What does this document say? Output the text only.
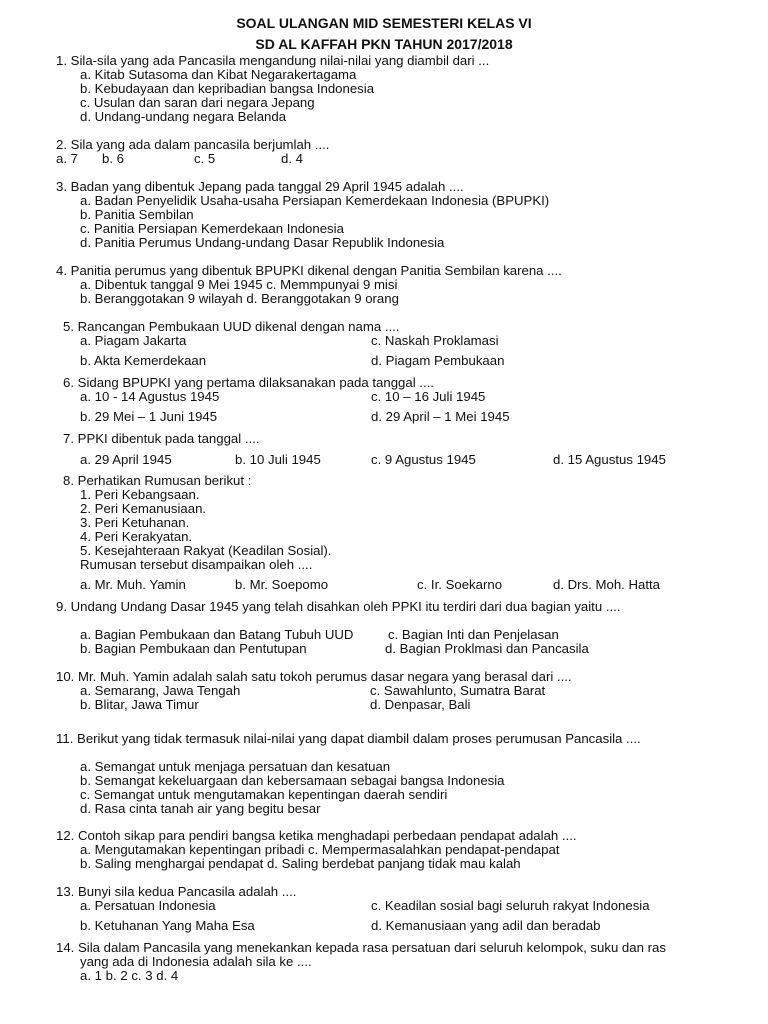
SOAL ULANGAN MID SEMESTERI KELAS VI
SD AL KAFFAH PKN TAHUN 2017/2018
1. Sila-sila yang ada Pancasila mengandung nilai-nilai yang diambil dari ...
a. Kitab Sutasoma dan Kibat Negarakertagama
b. Kebudayaan dan kepribadian bangsa Indonesia
c. Usulan dan saran dari negara Jepang
d. Undang-undang negara Belanda
2. Sila yang ada dalam pancasila berjumlah ....
a. 7 b. 6	c. 5	d. 4
3. Badan yang dibentuk Jepang pada tanggal 29 April 1945 adalah ....
a. Badan Penyelidik Usaha-usaha Persiapan Kemerdekaan Indonesia (BPUPKI)
b. Panitia Sembilan
c. Panitia Persiapan Kemerdekaan Indonesia
d. Panitia Perumus Undang-undang Dasar Republik Indonesia
4. Panitia perumus yang dibentuk BPUPKI dikenal dengan Panitia Sembilan karena ....
a. Dibentuk tanggal 9 Mei 1945 c. Memmpunyai 9 misi
b. Beranggotakan 9 wilayah d. Beranggotakan 9 orang
5. Rancangan Pembukaan UUD dikenal dengan nama ....
a. Piagam Jakarta	c. Naskah Proklamasi
b. Akta Kemerdekaan	d. Piagam Pembukaan
6. Sidang BPUPKI yang pertama dilaksanakan pada tanggal ....
a. 10 - 14 Agustus 1945	c. 10 – 16 Juli 1945
b. 29 Mei – 1 Juni 1945	d. 29 April – 1 Mei 1945
7. PPKI dibentuk pada tanggal ....
a. 29 April 1945	b. 10 Juli 1945	c. 9 Agustus 1945	d. 15 Agustus 1945
8. Perhatikan Rumusan berikut :
1. Peri Kebangsaan.
2. Peri Kemanusiaan.
3. Peri Ketuhanan.
4. Peri Kerakyatan.
5. Kesejahteraan Rakyat (Keadilan Sosial).
Rumusan tersebut disampaikan oleh ....
a. Mr. Muh. Yamin	b. Mr. Soepomo	c. Ir. Soekarno	d. Drs. Moh. Hatta
9. Undang Undang Dasar 1945 yang telah disahkan oleh PPKI itu terdiri dari dua bagian yaitu ....
a. Bagian Pembukaan dan Batang Tubuh UUD	c. Bagian Inti dan Penjelasan
b. Bagian Pembukaan dan Pentutupan	d. Bagian Proklmasi dan Pancasila
10. Mr. Muh. Yamin adalah salah satu tokoh perumus dasar negara yang berasal dari ....
a. Semarang, Jawa Tengah	c. Sawahlunto, Sumatra Barat
b. Blitar, Jawa Timur	d. Denpasar, Bali
11. Berikut yang tidak termasuk nilai-nilai yang dapat diambil dalam proses perumusan Pancasila ....
a. Semangat untuk menjaga persatuan dan kesatuan
b. Semangat kekeluargaan dan kebersamaan sebagai bangsa Indonesia
c. Semangat untuk mengutamakan kepentingan daerah sendiri
d. Rasa cinta tanah air yang begitu besar
12. Contoh sikap para pendiri bangsa ketika menghadapi perbedaan pendapat adalah ....
a. Mengutamakan kepentingan pribadi c. Mempermasalahkan pendapat-pendapat
b. Saling menghargai pendapat d. Saling berdebat panjang tidak mau kalah
13. Bunyi sila kedua Pancasila adalah ....
a. Persatuan Indonesia	c. Keadilan sosial bagi seluruh rakyat Indonesia
b. Ketuhanan Yang Maha Esa	d. Kemanusiaan yang adil dan beradab
14. Sila dalam Pancasila yang menekankan kepada rasa persatuan dari seluruh kelompok, suku dan ras
yang ada di Indonesia adalah sila ke ....
a. 1 b. 2 c. 3 d. 4
